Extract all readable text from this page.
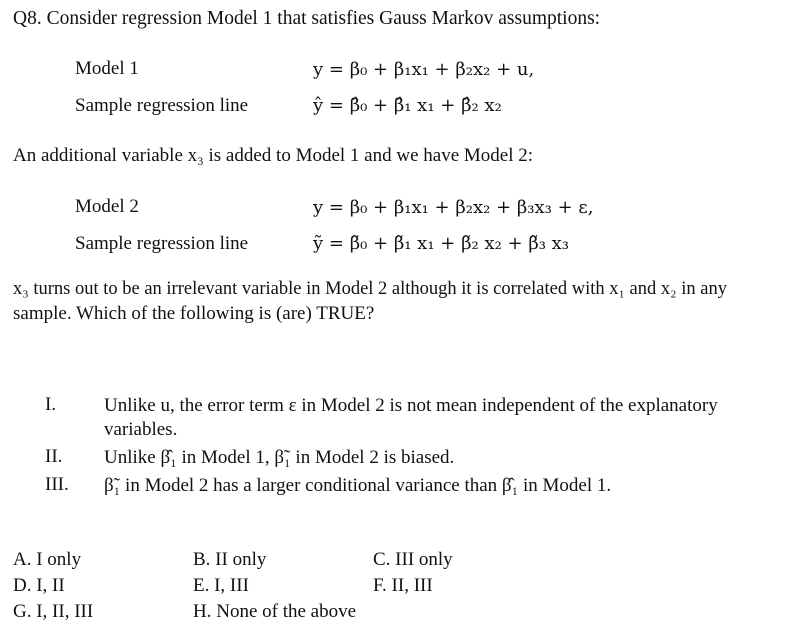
Q8. Consider regression Model 1 that satisfies Gauss Markov assumptions:
Model 1	y = β₀ + β₁x₁ + β₂x₂ + u,
Sample regression line	ŷ = β̂₀ + β̂₁ x₁ + β̂₂ x₂
An additional variable x₃ is added to Model 1 and we have Model 2:
Model 2	y = β₀ + β₁x₁ + β₂x₂ + β₃x₃ + ε,
Sample regression line	ỹ = β̃₀ + β̃₁ x₁ + β̃₂ x₂ + β̃₃ x₃
x₃ turns out to be an irrelevant variable in Model 2 although it is correlated with x₁ and x₂ in any
sample. Which of the following is (are) TRUE?
I.	Unlike u, the error term ε in Model 2 is not mean independent of the explanatory variables.
II. Unlike β̂₁ in Model 1, β̃₁ in Model 2 is biased.
III. β̃₁ in Model 2 has a larger conditional variance than β̂₁ in Model 1.
A. I only	B. II only	C. III only
D. I, II	E. I, III	F. II, III
G. I, II, III	H. None of the above
